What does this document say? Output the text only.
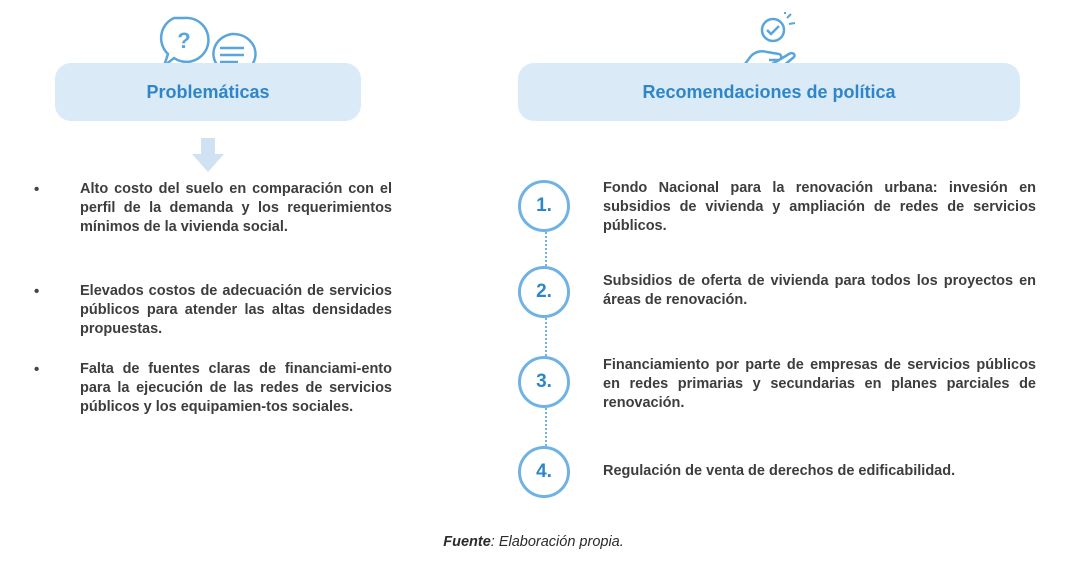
?
Problemáticas	Recomendaciones de política
•	Alto costo del suelo en comparación con el perfil de la demanda y los requerimientos mínimos de la vivienda social.
•	Elevados costos de adecuación de servicios públicos para atender las altas densidades propuestas.
•	Falta de fuentes claras de financiami-ento para la ejecución de las redes de servicios públicos y los equipamien-tos sociales.
1.
Fondo Nacional para la renovación urbana: invesión en subsidios de vivienda y ampliación de redes de servicios públicos.
2.	Subsidios de oferta de vivienda para todos los proyectos en áreas de renovación.
3.
Financiamiento por parte de empresas de servicios públicos en redes primarias y secundarias en planes parciales de renovación.
4.	Regulación de venta de derechos de edificabilidad.
Fuente: Elaboración propia.
